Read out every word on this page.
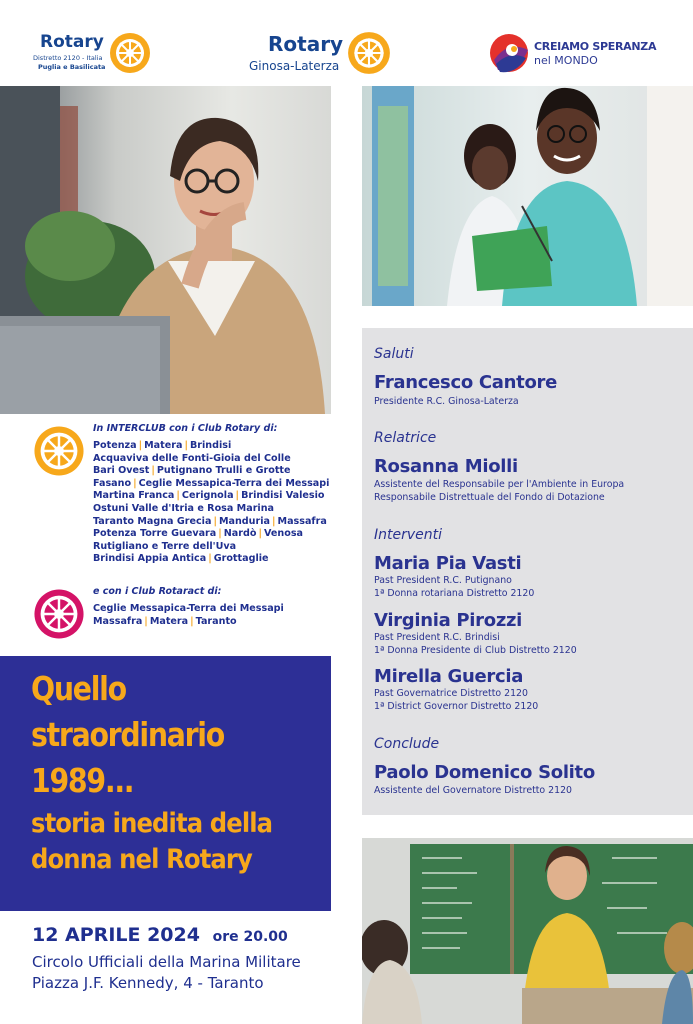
Rotary
Distretto 2120 - Italia
Puglia e Basilicata
Rotary
Ginosa-Laterza
CREIAMO SPERANZA
nel MONDO
In INTERCLUB con i Club Rotary di:
Potenza | Matera | Brindisi
Acquaviva delle Fonti-Gioia del Colle
Bari Ovest | Putignano Trulli e Grotte
Fasano | Ceglie Messapica-Terra dei Messapi
Martina Franca | Cerignola | Brindisi Valesio
Ostuni Valle d'Itria e Rosa Marina
Taranto Magna Grecia | Manduria | Massafra
Potenza Torre Guevara | Nardò | Venosa
Rutigliano e Terre dell'Uva
Brindisi Appia Antica | Grottaglie
e con i Club Rotaract di:
Ceglie Messapica-Terra dei Messapi
Massafra | Matera | Taranto
Quello
straordinario
1989...
storia inedita della
donna nel Rotary
12 APRILE 2024 ore 20.00
Circolo Ufficiali della Marina Militare
Piazza J.F. Kennedy, 4 - Taranto
Saluti
Francesco Cantore
Presidente R.C. Ginosa-Laterza
Relatrice
Rosanna Miolli
Assistente del Responsabile per l'Ambiente in Europa
Responsabile Distrettuale del Fondo di Dotazione
Interventi
Maria Pia Vasti
Past President R.C. Putignano
1ª Donna rotariana Distretto 2120
Virginia Pirozzi
Past President R.C. Brindisi
1ª Donna Presidente di Club Distretto 2120
Mirella Guercia
Past Governatrice Distretto 2120
1ª District Governor Distretto 2120
Conclude
Paolo Domenico Solito
Assistente del Governatore Distretto 2120
